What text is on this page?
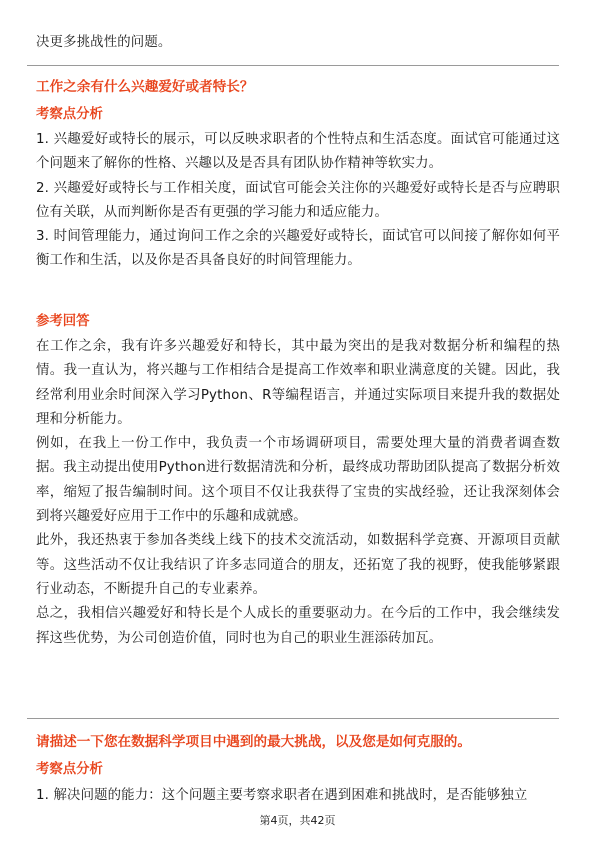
决更多挑战性的问题。

工作之余有什么兴趣爱好或者特长？

考察点分析

1. 兴趣爱好或特长的展示，可以反映求职者的个性特点和生活态度。面试官可能通过这个问题来了解你的性格、兴趣以及是否具有团队协作精神等软实力。

2. 兴趣爱好或特长与工作相关度，面试官可能会关注你的兴趣爱好或特长是否与应聘职位有关联，从而判断你是否有更强的学习能力和适应能力。

3. 时间管理能力，通过询问工作之余的兴趣爱好或特长，面试官可以间接了解你如何平衡工作和生活，以及你是否具备良好的时间管理能力。

参考回答

在工作之余，我有许多兴趣爱好和特长，其中最为突出的是我对数据分析和编程的热情。我一直认为，将兴趣与工作相结合是提高工作效率和职业满意度的关键。因此，我经常利用业余时间深入学习Python、R等编程语言，并通过实际项目来提升我的数据处理和分析能力。

例如，在我上一份工作中，我负责一个市场调研项目，需要处理大量的消费者调查数据。我主动提出使用Python进行数据清洗和分析，最终成功帮助团队提高了数据分析效率，缩短了报告编制时间。这个项目不仅让我获得了宝贵的实战经验，还让我深刻体会到将兴趣爱好应用于工作中的乐趣和成就感。

此外，我还热衷于参加各类线上线下的技术交流活动，如数据科学竞赛、开源项目贡献等。这些活动不仅让我结识了许多志同道合的朋友，还拓宽了我的视野，使我能够紧跟行业动态，不断提升自己的专业素养。

总之，我相信兴趣爱好和特长是个人成长的重要驱动力。在今后的工作中，我会继续发挥这些优势，为公司创造价值，同时也为自己的职业生涯添砖加瓦。

请描述一下您在数据科学项目中遇到的最大挑战，以及您是如何克服的。

考察点分析

1. 解决问题的能力：这个问题主要考察求职者在遇到困难和挑战时，是否能够独立

第4页，共42页
